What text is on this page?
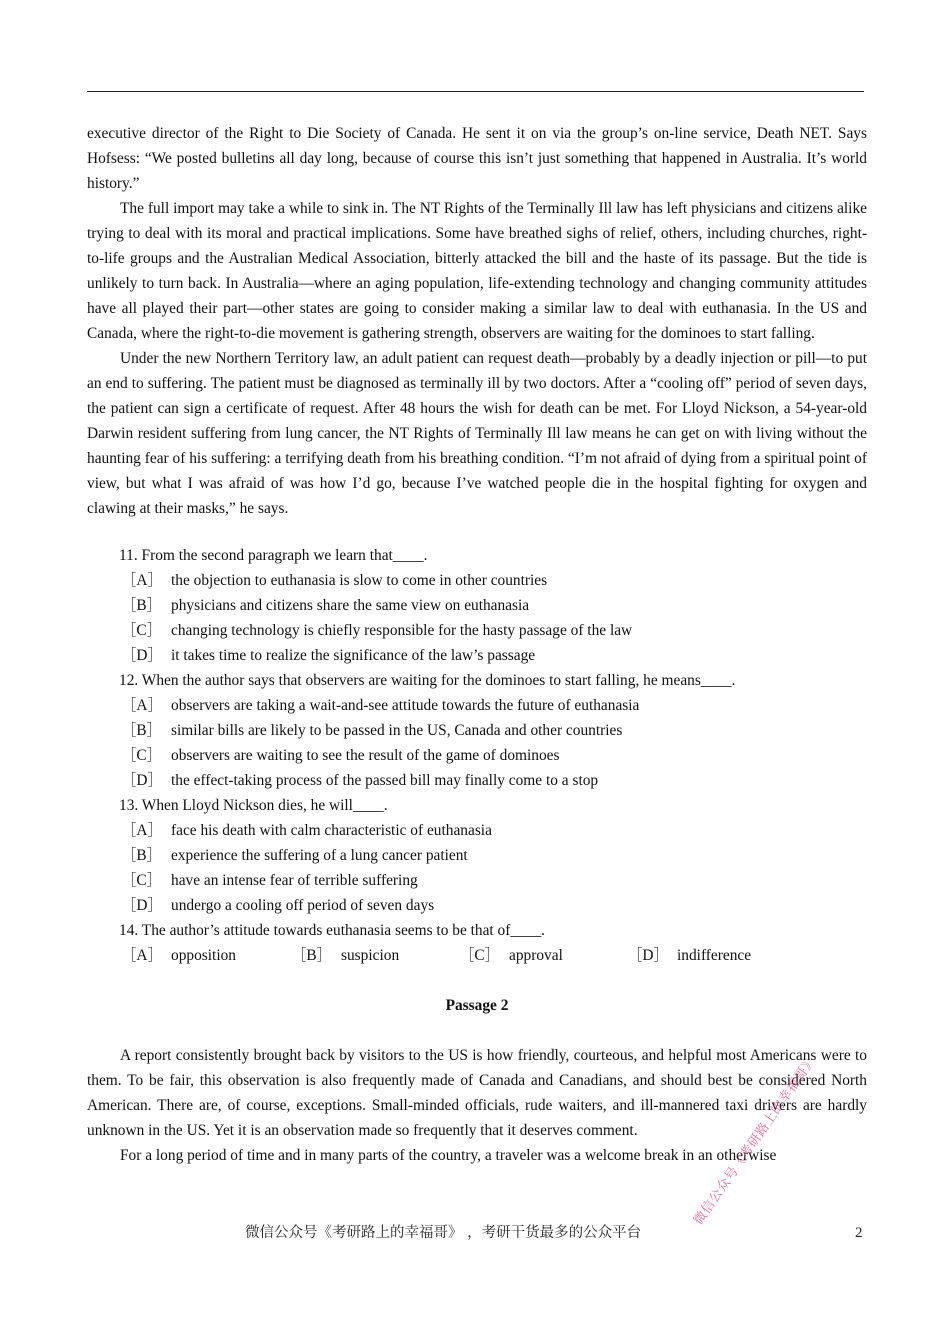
executive director of the Right to Die Society of Canada. He sent it on via the group’s on-line service, Death NET. Says Hofsess: “We posted bulletins all day long, because of course this isn’t just something that happened in Australia. It’s world history.”

The full import may take a while to sink in. The NT Rights of the Terminally Ill law has left physicians and citizens alike trying to deal with its moral and practical implications. Some have breathed sighs of relief, others, including churches, right-to-life groups and the Australian Medical Association, bitterly attacked the bill and the haste of its passage. But the tide is unlikely to turn back. In Australia—where an aging population, life-extending technology and changing community attitudes have all played their part—other states are going to consider making a similar law to deal with euthanasia. In the US and Canada, where the right-to-die movement is gathering strength, observers are waiting for the dominoes to start falling.

Under the new Northern Territory law, an adult patient can request death—probably by a deadly injection or pill—to put an end to suffering. The patient must be diagnosed as terminally ill by two doctors. After a “cooling off” period of seven days, the patient can sign a certificate of request. After 48 hours the wish for death can be met. For Lloyd Nickson, a 54-year-old Darwin resident suffering from lung cancer, the NT Rights of Terminally Ill law means he can get on with living without the haunting fear of his suffering: a terrifying death from his breathing condition. “I’m not afraid of dying from a spiritual point of view, but what I was afraid of was how I’d go, because I’ve watched people die in the hospital fighting for oxygen and clawing at their masks,” he says.

11. From the second paragraph we learn that____.

［A］ the objection to euthanasia is slow to come in other countries

［B］ physicians and citizens share the same view on euthanasia

［C］ changing technology is chiefly responsible for the hasty passage of the law

［D］ it takes time to realize the significance of the law’s passage

12. When the author says that observers are waiting for the dominoes to start falling, he means____.

［A］ observers are taking a wait-and-see attitude towards the future of euthanasia

［B］ similar bills are likely to be passed in the US, Canada and other countries

［C］ observers are waiting to see the result of the game of dominoes

［D］ the effect-taking process of the passed bill may finally come to a stop

13. When Lloyd Nickson dies, he will____.

［A］ face his death with calm characteristic of euthanasia

［B］ experience the suffering of a lung cancer patient

［C］ have an intense fear of terrible suffering

［D］ undergo a cooling off period of seven days

14. The author’s attitude towards euthanasia seems to be that of____.

［A］ opposition	［B］ suspicion	［C］ approval	［D］ indifference

Passage 2

A report consistently brought back by visitors to the US is how friendly, courteous, and helpful most Americans were to them. To be fair, this observation is also frequently made of Canada and Canadians, and should best be considered North American. There are, of course, exceptions. Small-minded officials, rude waiters, and ill-mannered taxi drivers are hardly unknown in the US. Yet it is an observation made so frequently that it deserves comment.

For a long period of time and in many parts of the country, a traveler was a welcome break in an otherwise

微信公众号《考研路上的幸福哥》
微信公众号《考研路上的幸福哥》 ，考研干货最多的公众平台	2
